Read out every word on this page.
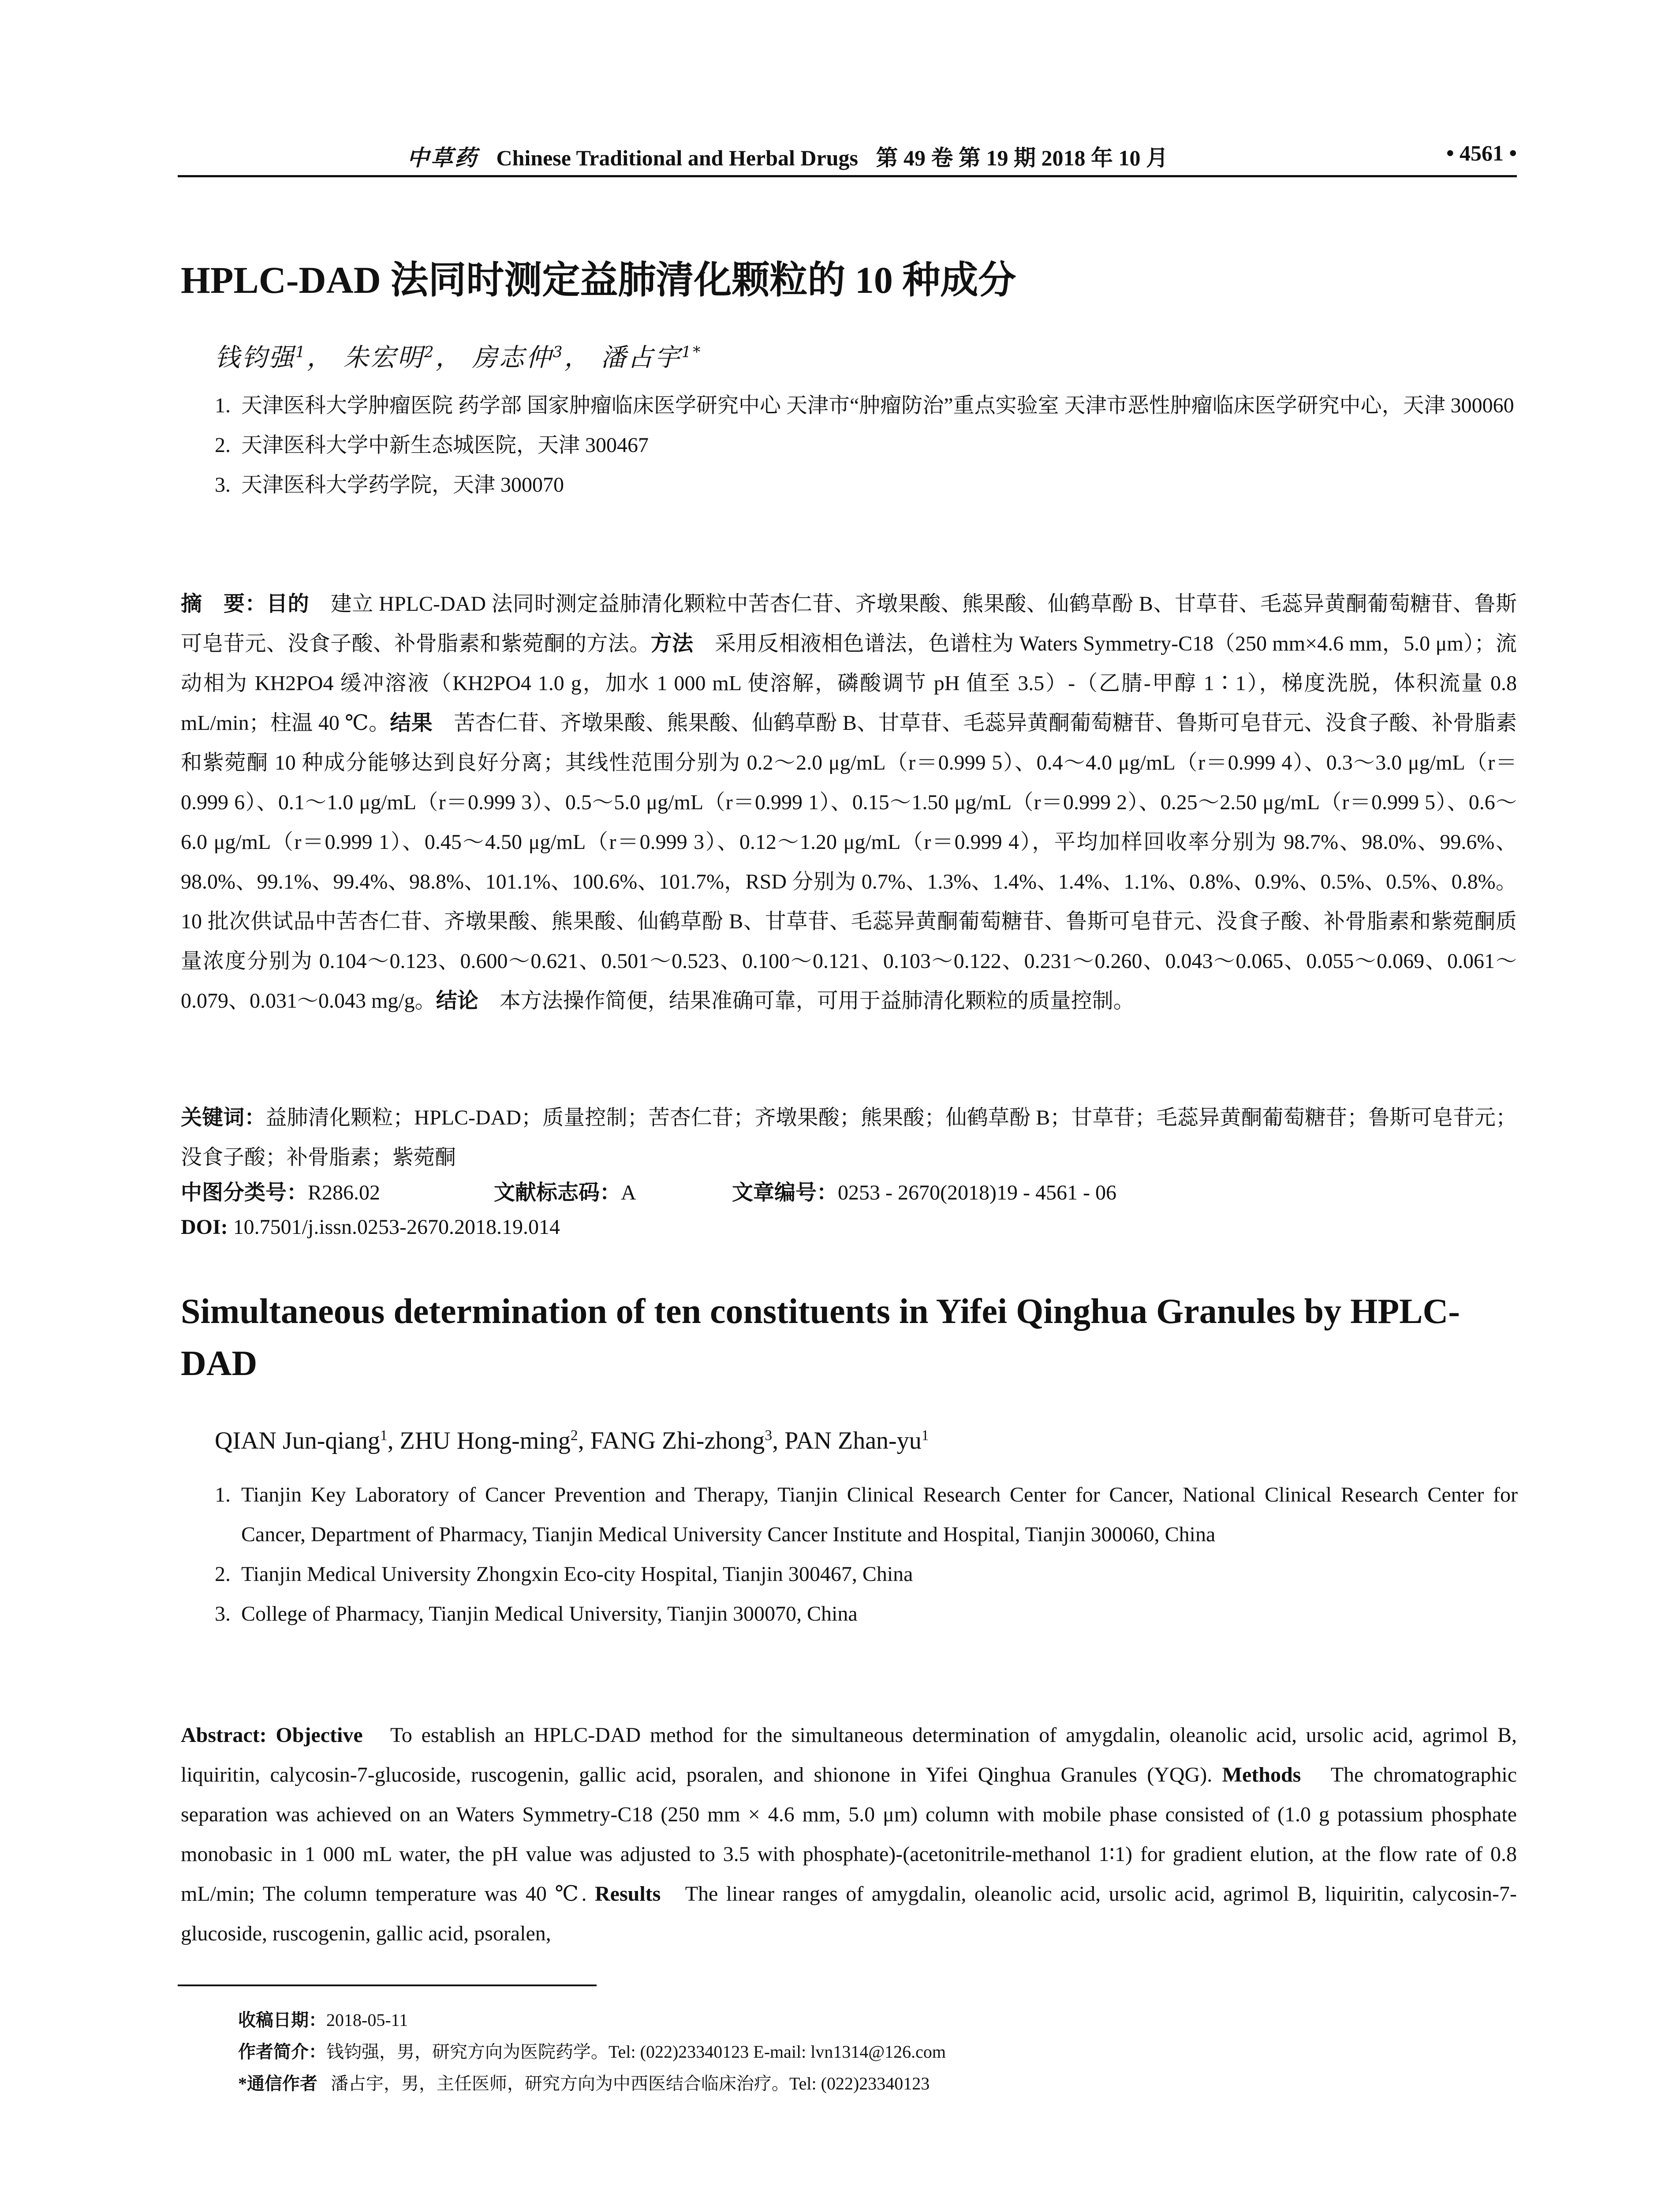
中草药 Chinese Traditional and Herbal Drugs 第 49 卷 第 19 期 2018 年 10 月	• 4561 •
HPLC-DAD 法同时测定益肺清化颗粒的 10 种成分
钱钧强$^1$， 朱宏明$^2$， 房志仲$^3$， 潘占宇$^{1*}$
1. 天津医科大学肿瘤医院 药学部 国家肿瘤临床医学研究中心 天津市“肿瘤防治”重点实验室 天津市恶性肿瘤临床医学研究中心，天津 300060
2. 天津医科大学中新生态城医院，天津 300467
3. 天津医科大学药学院，天津 300070
摘　要：目的　 建立 HPLC-DAD 法同时测定益肺清化颗粒中苦杏仁苷、齐墩果酸、熊果酸、仙鹤草酚 B、甘草苷、毛蕊异黄酮葡萄糖苷、鲁斯可皂苷元、没食子酸、补骨脂素和紫菀酮的方法。方法　 采用反相液相色谱法，色谱柱为 Waters Symmetry-C18（250 mm×4.6 mm，5.0 μm）；流动相为 KH2PO4 缓冲溶液（KH2PO4 1.0 g，加水 1 000 mL 使溶解，磷酸调节 pH 值至 3.5）-（乙腈-甲醇 1∶1），梯度洗脱，体积流量 0.8 mL/min；柱温 40 ℃。结果　 苦杏仁苷、齐墩果酸、熊果酸、仙鹤草酚 B、甘草苷、毛蕊异黄酮葡萄糖苷、鲁斯可皂苷元、没食子酸、补骨脂素和紫菀酮 10 种成分能够达到良好分离；其线性范围分别为 0.2～2.0 μg/mL（r＝0.999 5）、0.4～4.0 μg/mL（r＝0.999 4）、0.3～3.0 μg/mL（r＝0.999 6）、0.1～1.0 μg/mL（r＝0.999 3）、0.5～5.0 μg/mL（r＝0.999 1）、0.15～1.50 μg/mL（r＝0.999 2）、0.25～2.50 μg/mL（r＝0.999 5）、0.6～6.0 μg/mL（r＝0.999 1）、0.45～4.50 μg/mL（r＝0.999 3）、0.12～1.20 μg/mL（r＝0.999 4），平均加样回收率分别为 98.7%、98.0%、99.6%、98.0%、99.1%、99.4%、98.8%、101.1%、100.6%、101.7%，RSD 分别为 0.7%、1.3%、1.4%、1.4%、1.1%、0.8%、0.9%、0.5%、0.5%、0.8%。10 批次供试品中苦杏仁苷、齐墩果酸、熊果酸、仙鹤草酚 B、甘草苷、毛蕊异黄酮葡萄糖苷、鲁斯可皂苷元、没食子酸、补骨脂素和紫菀酮质量浓度分别为 0.104～0.123、0.600～0.621、0.501～0.523、0.100～0.121、0.103～0.122、0.231～0.260、0.043～0.065、0.055～0.069、0.061～0.079、0.031～0.043 mg/g。结论　 本方法操作简便，结果准确可靠，可用于益肺清化颗粒的质量控制。
关键词：益肺清化颗粒；HPLC-DAD；质量控制；苦杏仁苷；齐墩果酸；熊果酸；仙鹤草酚 B；甘草苷；毛蕊异黄酮葡萄糖苷；鲁斯可皂苷元；没食子酸；补骨脂素；紫菀酮
中图分类号：R286.02	文献标志码：A	文章编号：0253 - 2670(2018)19 - 4561 - 06
DOI: 10.7501/j.issn.0253-2670.2018.19.014
Simultaneous determination of ten constituents in Yifei Qinghua Granules by HPLC-DAD
QIAN Jun-qiang$^1$, ZHU Hong-ming$^2$, FANG Zhi-zhong$^3$, PAN Zhan-$yu^1$
1. Tianjin Key Laboratory of Cancer Prevention and Therapy, Tianjin Clinical Research Center for Cancer, National Clinical Research Center for Cancer, Department of Pharmacy, Tianjin Medical University Cancer Institute and Hospital, Tianjin 300060, China
2. Tianjin Medical University Zhongxin Eco-city Hospital, Tianjin 300467, China
3. College of Pharmacy, Tianjin Medical University, Tianjin 300070, China
Abstract: Objective To establish an HPLC-DAD method for the simultaneous determination of amygdalin, oleanolic acid, ursolic acid, agrimol B, liquiritin, calycosin-7-glucoside, ruscogenin, gallic acid, psoralen, and shionone in Yifei Qinghua Granules (YQG). Methods The chromatographic separation was achieved on an Waters Symmetry-C18 (250 mm × 4.6 mm, 5.0 μm) column with mobile phase consisted of (1.0 g potassium phosphate monobasic in 1 000 mL water, the pH value was adjusted to 3.5 with phosphate)-(acetonitrile-methanol 1∶1) for gradient elution, at the flow rate of 0.8 mL/min; The column temperature was 40 ℃. Results The linear ranges of amygdalin, oleanolic acid, ursolic acid, agrimol B, liquiritin, calycosin-7-glucoside, ruscogenin, gallic acid, psoralen,
收稿日期：2018-05-11
作者简介：钱钧强，男，研究方向为医院药学。Tel: (022)23340123 E-mail: lvn1314@126.com
*通信作者 潘占宇，男，主任医师，研究方向为中西医结合临床治疗。Tel: (022)23340123
